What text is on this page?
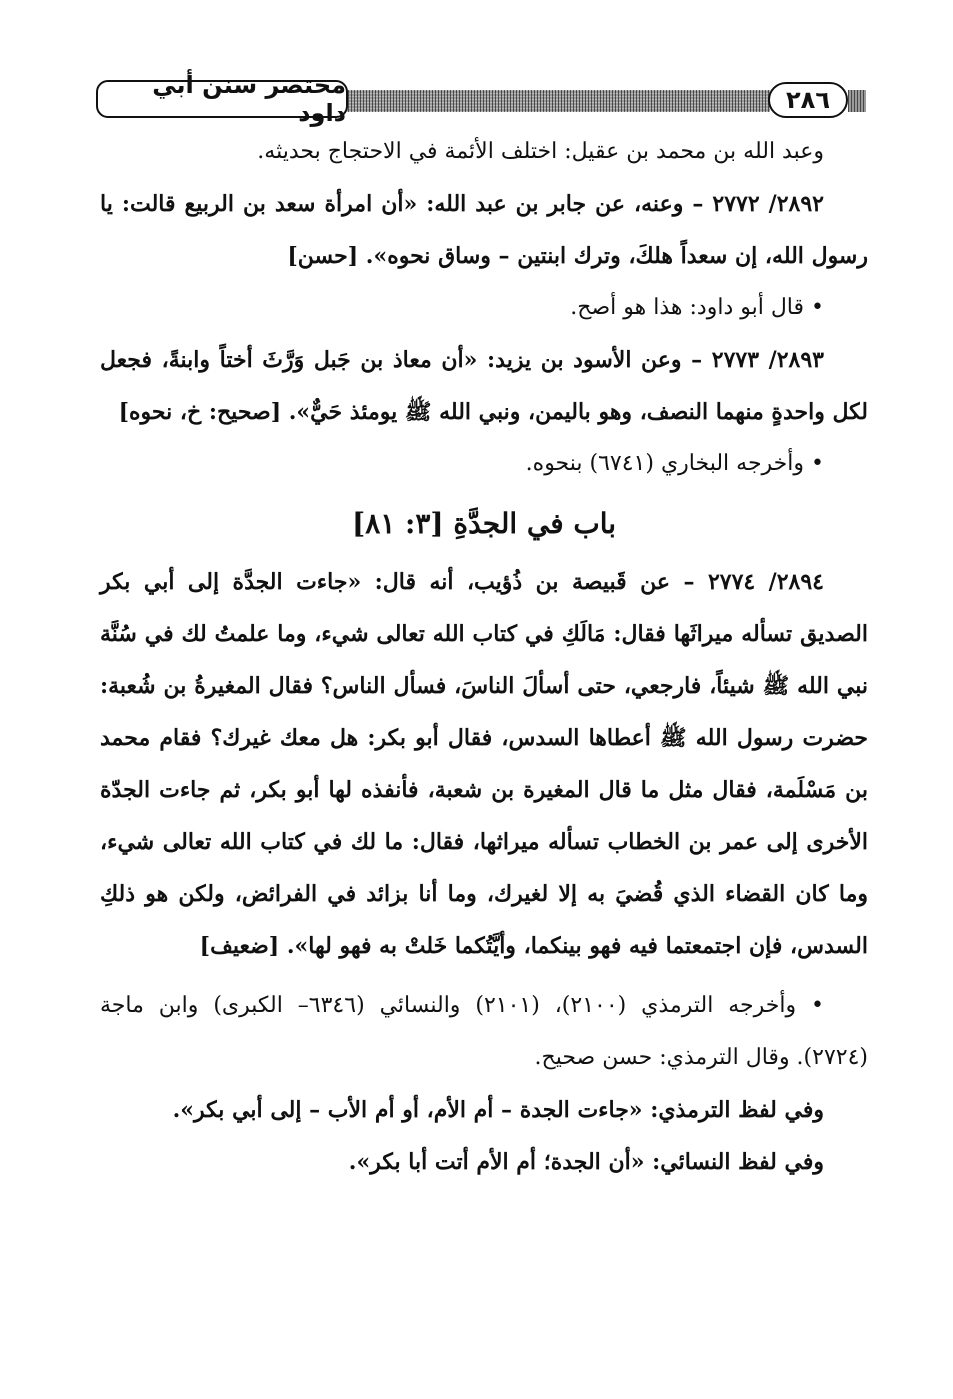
مختصر سنن أبي داود	٢٨٦

وعبد الله بن محمد بن عقيل: اختلف الأئمة في الاحتجاج بحديثه.

٢٨٩٢/ ٢٧٧٢ – وعنه، عن جابر بن عبد الله: «أن امرأة سعد بن الربيع قالت: يا رسول الله، إن سعداً هلكَ، وترك ابنتين – وساق نحوه». [حسن]

• قال أبو داود: هذا هو أصح.

٢٨٩٣/ ٢٧٧٣ – وعن الأسود بن يزيد: «أن معاذ بن جَبل وَرَّثَ أختاً وابنةً، فجعل لكل واحدةٍ منهما النصف، وهو باليمن، ونبي الله ﷺ يومئذ حَيٌّ». [صحيح: خ، نحوه]

• وأخرجه البخاري (٦٧٤١) بنحوه.

باب في الجدَّةِ [٣: ٨١]

٢٨٩٤/ ٢٧٧٤ – عن قَبيصة بن ذُؤيب، أنه قال: «جاءت الجدَّة إلى أبي بكر الصديق تسأله ميراثَها فقال: مَالَكِ في كتاب الله تعالى شيء، وما علمتُ لك في سُنَّة نبي الله ﷺ شيئاً، فارجعي، حتى أسألَ الناسَ، فسأل الناس؟ فقال المغيرةُ بن شُعبة: حضرت رسول الله ﷺ أعطاها السدس، فقال أبو بكر: هل معك غيرك؟ فقام محمد بن مَسْلَمة، فقال مثل ما قال المغيرة بن شعبة، فأنفذه لها أبو بكر، ثم جاءت الجدّة الأخرى إلى عمر بن الخطاب تسأله ميراثها، فقال: ما لك في كتاب الله تعالى شيء، وما كان القضاء الذي قُضيَ به إلا لغيرك، وما أنا بزائد في الفرائض، ولكن هو ذلكِ السدس، فإن اجتمعتما فيه فهو بينكما، وأيَّتُكما خَلتْ به فهو لها». [ضعيف]

• وأخرجه الترمذي (٢١٠٠)، (٢١٠١) والنسائي (٦٣٤٦– الكبرى) وابن ماجة (٢٧٢٤). وقال الترمذي: حسن صحيح.

وفي لفظ الترمذي: «جاءت الجدة – أم الأم، أو أم الأب – إلى أبي بكر».

وفي لفظ النسائي: «أن الجدة؛ أم الأم أتت أبا بكر».
